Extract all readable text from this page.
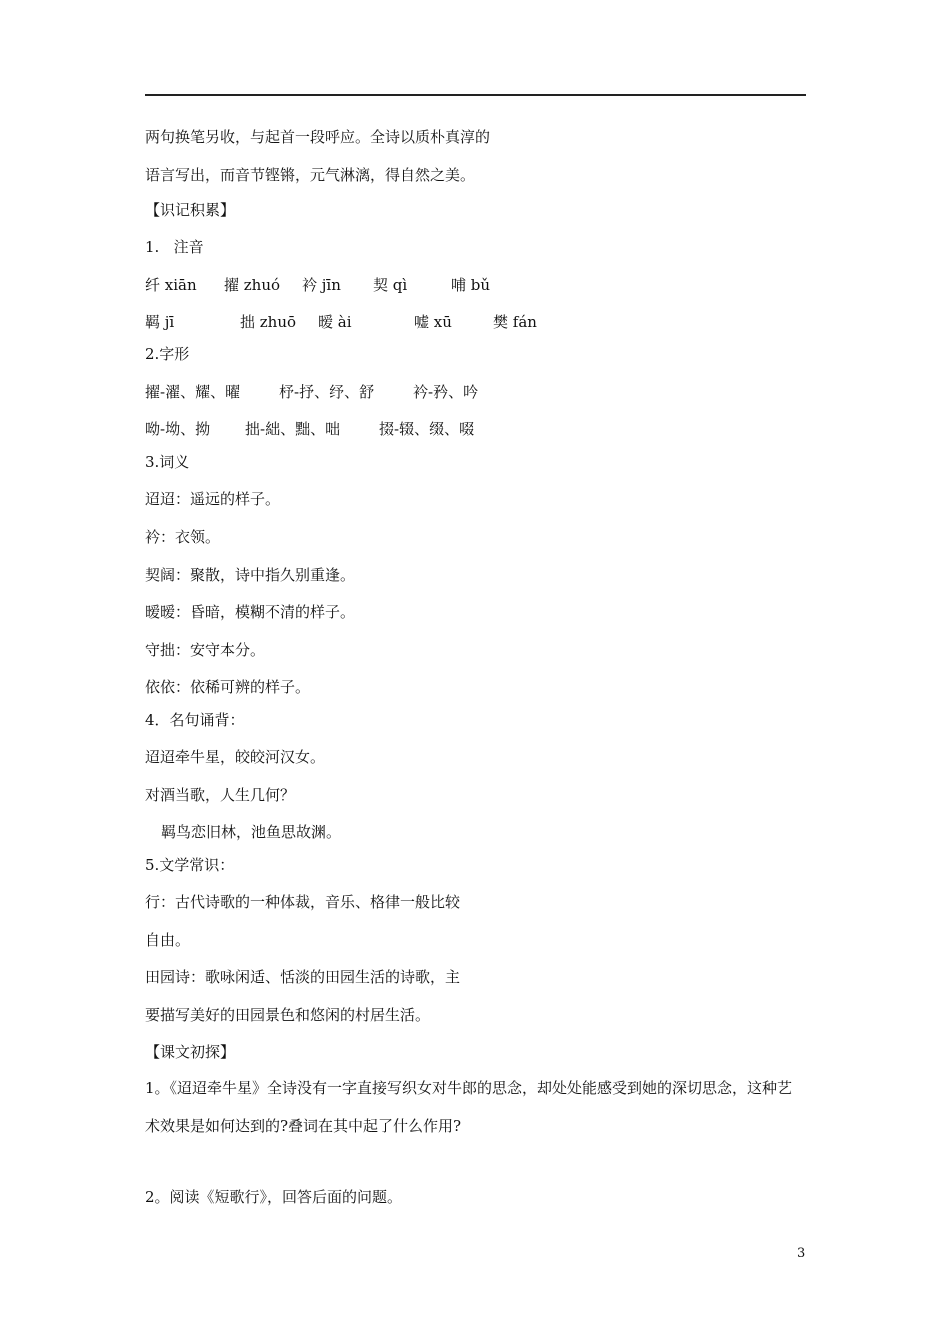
两句换笔另收，与起首一段呼应。全诗以质朴真淳的
语言写出，而音节铿锵，元气淋漓，得自然之美。
【识记积累】
1.   注音
纤 xiān 擢 zhuó 衿 jīn 契 qì	哺 bǔ
羁 jī	拙 zhuō 暧 ài	嘘 xū	樊 fán
2.字形
擢-濯、耀、曜	杼-抒、纾、舒	衿-矜、吟
呦-坳、拗 拙-絀、黜、咄	掇-辍、缀、啜
3.词义
迢迢：遥远的样子。
衿：衣领。
契阔：聚散，诗中指久别重逢。
暧暧：昏暗，模糊不清的样子。
守拙：安守本分。
依依：依稀可辨的样子。
4．名句诵背：
迢迢牵牛星，皎皎河汉女。
对酒当歌，人生几何？
羁鸟恋旧林，池鱼思故渊。
5.文学常识：
行：古代诗歌的一种体裁，音乐、格律一般比较
自由。
田园诗：歌咏闲适、恬淡的田园生活的诗歌，主
要描写美好的田园景色和悠闲的村居生活。
【课文初探】
1。《迢迢牵牛星》全诗没有一字直接写织女对牛郎的思念，却处处能感受到她的深切思念，这种艺术效果是如何达到的?叠词在其中起了什么作用?
2。阅读《短歌行》，回答后面的问题。
3
